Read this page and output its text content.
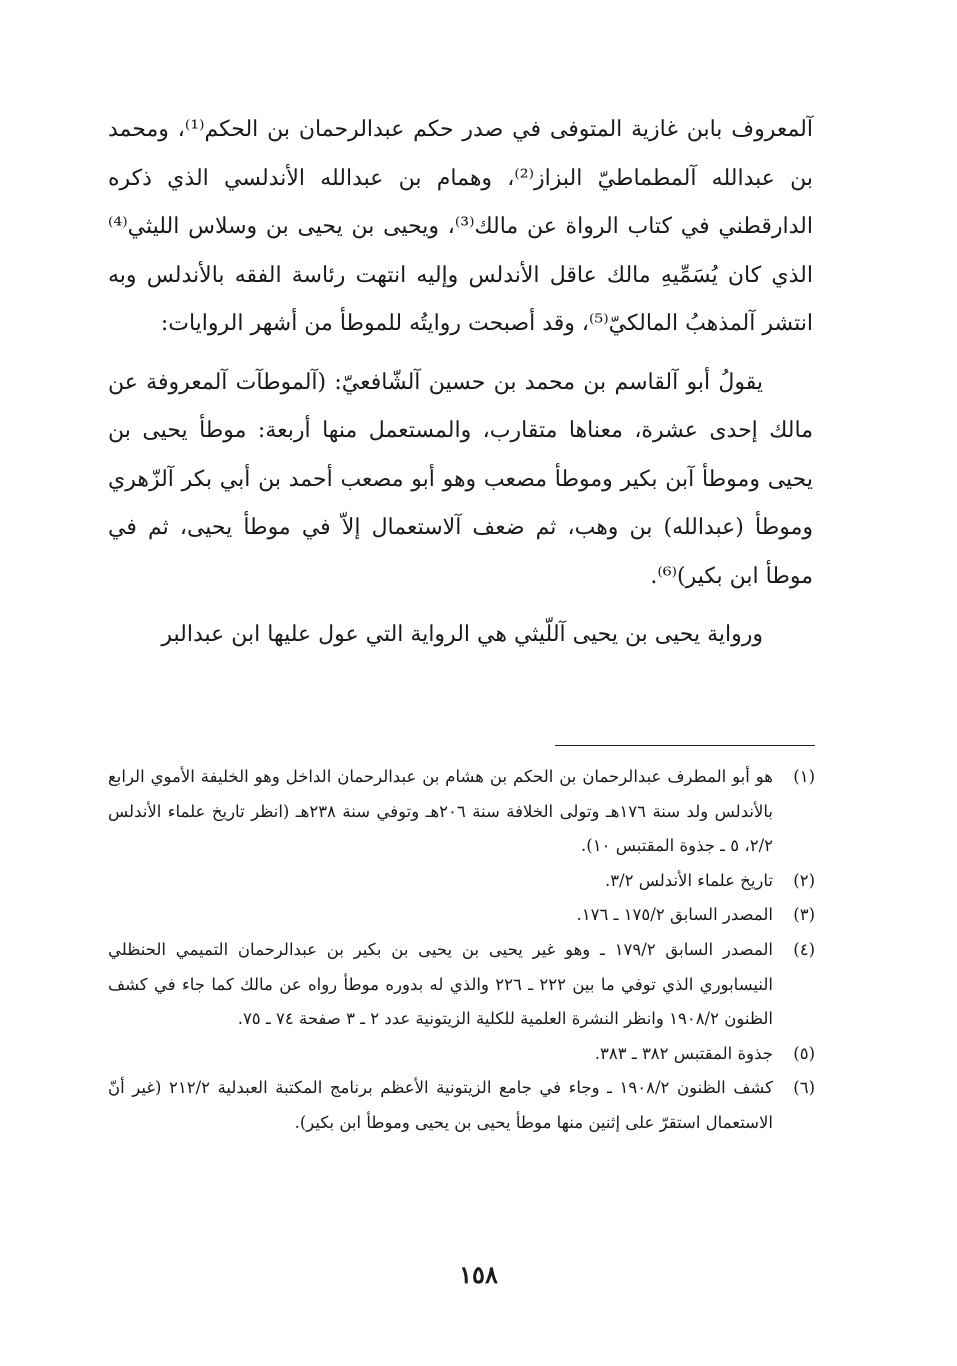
آلمعروف بابن غازية المتوفى في صدر حكم عبدالرحمان بن الحكم⁽¹⁾، ومحمد بن عبدالله آلمطماطيّ البزاز⁽²⁾، وهمام بن عبدالله الأندلسي الذي ذكره الدارقطني في كتاب الرواة عن مالك⁽³⁾، ويحيى بن يحيى بن وسلاس الليثي⁽⁴⁾ الذي كان يُسَمِّيهِ مالك عاقل الأندلس وإليه انتهت رئاسة الفقه بالأندلس وبه انتشر آلمذهبُ المالكيّ⁽⁵⁾، وقد أصبحت روايتُه للموطأ من أشهر الروايات:

يقولُ أبو آلقاسم بن محمد بن حسين آلشّافعيّ: (آلموطآت آلمعروفة عن مالك إحدى عشرة، معناها متقارب، والمستعمل منها أربعة: موطأ يحيى بن يحيى وموطأ آبن بكير وموطأ مصعب وهو أبو مصعب أحمد بن أبي بكر آلزّهري وموطأ (عبدالله) بن وهب، ثم ضعف آلاستعمال إلاّ في موطأ يحيى، ثم في موطأ ابن بكير)⁽⁶⁾.

ورواية يحيى بن يحيى آللّيثي هي الرواية التي عول عليها ابن عبدالبر

(١)
هو أبو المطرف عبدالرحمان بن الحكم بن هشام بن عبدالرحمان الداخل وهو الخليفة الأموي الرابع بالأندلس ولد سنة ١٧٦هـ وتولى الخلافة سنة ٢٠٦هـ وتوفي سنة ٢٣٨هـ (انظر تاريخ علماء الأندلس ٢/٢، ٥ ـ جذوة المقتبس ١٠).
(٢)
تاريخ علماء الأندلس ٣/٢.
(٣)
المصدر السابق ١٧٥/٢ ـ ١٧٦.
(٤)
المصدر السابق ١٧٩/٢ ـ وهو غير يحيى بن يحيى بن بكير بن عبدالرحمان التميمي الحنظلي النيسابوري الذي توفي ما بين ٢٢٢ ـ ٢٢٦ والذي له بدوره موطأ رواه عن مالك كما جاء في كشف الظنون ١٩٠٨/٢ وانظر النشرة العلمية للكلية الزيتونية عدد ٢ ـ ٣ صفحة ٧٤ ـ ٧٥.
(٥)
جذوة المقتبس ٣٨٢ ـ ٣٨٣.
(٦)
كشف الظنون ١٩٠٨/٢ ـ وجاء في جامع الزيتونية الأعظم برنامج المكتبة العبدلية ٢١٢/٢ (غير أنّ الاستعمال استقرّ على إثنين منها موطأ يحيى بن يحيى وموطأ ابن بكير).
١٥٨
